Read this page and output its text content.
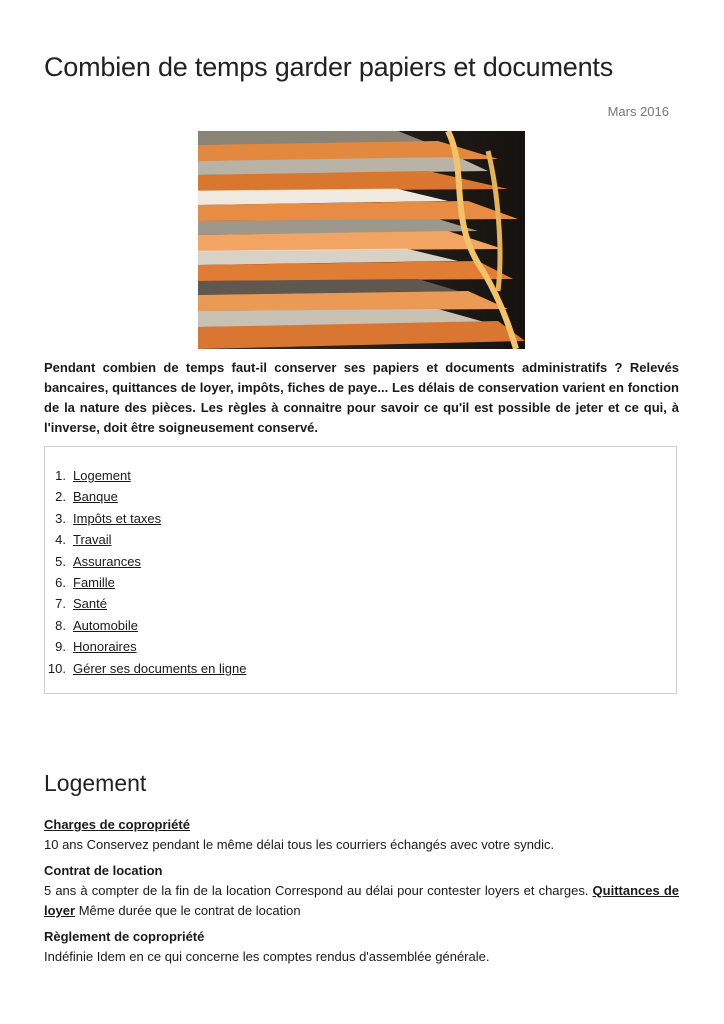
Combien de temps garder papiers et documents
Mars 2016

Pendant combien de temps faut-il conserver ses papiers et documents administratifs ? Relevés bancaires, quittances de loyer, impôts, fiches de paye... Les délais de conservation varient en fonction de la nature des pièces. Les règles à connaitre pour savoir ce qu'il est possible de jeter et ce qui, à l'inverse, doit être soigneusement conservé.

1. Logement
2. Banque
3. Impôts et taxes
4. Travail
5. Assurances
6. Famille
7. Santé
8. Automobile
9. Honoraires
10. Gérer ses documents en ligne
Logement

Charges de copropriété

10 ans Conservez pendant le même délai tous les courriers échangés avec votre syndic.

Contrat de location

5 ans à compter de la fin de la location Correspond au délai pour contester loyers et charges. Quittances de loyer Même durée que le contrat de location

Règlement de copropriété

Indéfinie Idem en ce qui concerne les comptes rendus d'assemblée générale.
